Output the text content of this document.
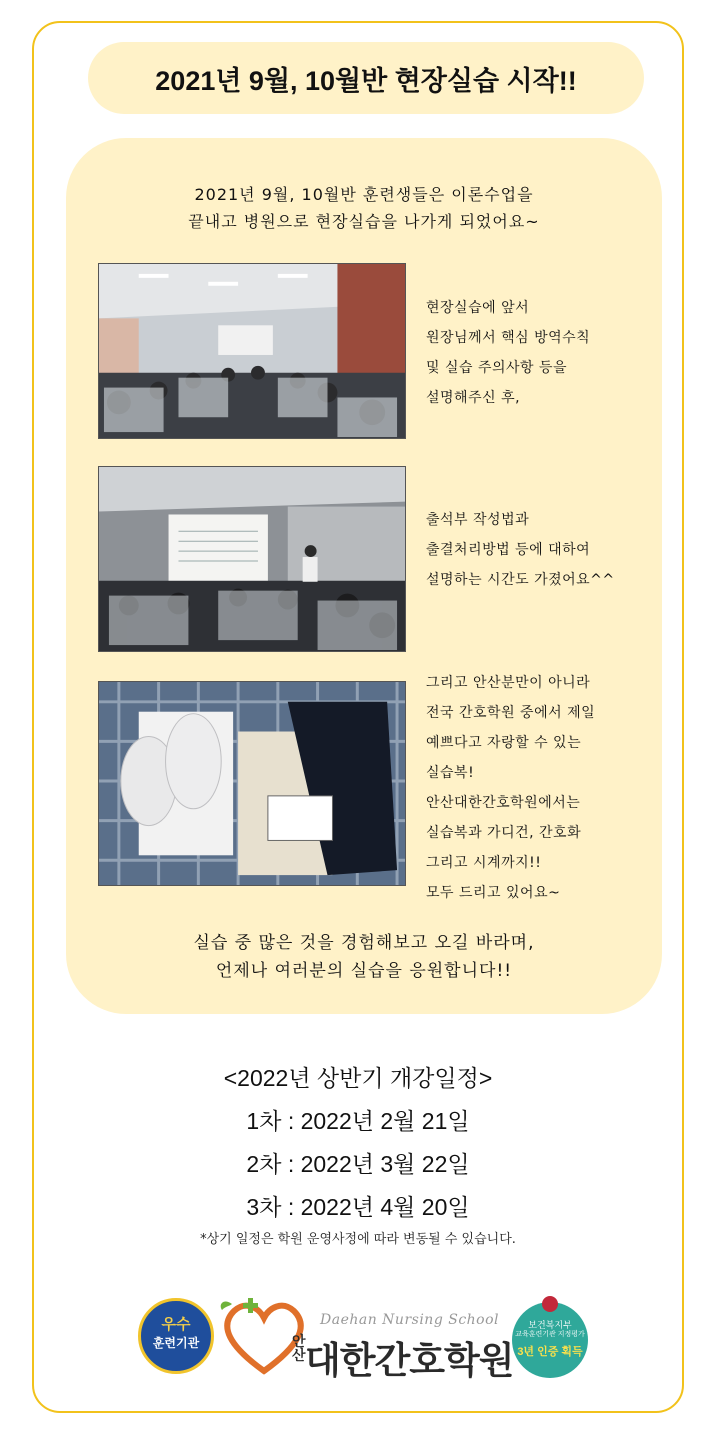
2021년 9월, 10월반 현장실습 시작!!
2021년 9월, 10월반 훈련생들은 이론수업을
끝내고 병원으로 현장실습을 나가게 되었어요~
현장실습에 앞서
원장님께서 핵심 방역수칙
및 실습 주의사항 등을
설명해주신 후,
출석부 작성법과
출결처리방법 등에 대하여
설명하는 시간도 가졌어요^^
그리고 안산분만이 아니라
전국 간호학원 중에서 제일
예쁘다고 자랑할 수 있는
실습복!
안산대한간호학원에서는
실습복과 가디건, 간호화
그리고 시계까지!!
모두 드리고 있어요~
실습 중 많은 것을 경험해보고 오길 바라며,
언제나 여러분의 실습을 응원합니다!!
<2022년 상반기 개강일정>
1차 : 2022년 2월 21일
2차 : 2022년 3월 22일
3차 : 2022년 4월 20일
*상기 일정은 학원 운영사정에 따라 변동될 수 있습니다.
우수
훈련기관
Daehan Nursing School
안산 대한간호학원
보건복지부
교육훈련기관 지정평가
3년 인증 획득
